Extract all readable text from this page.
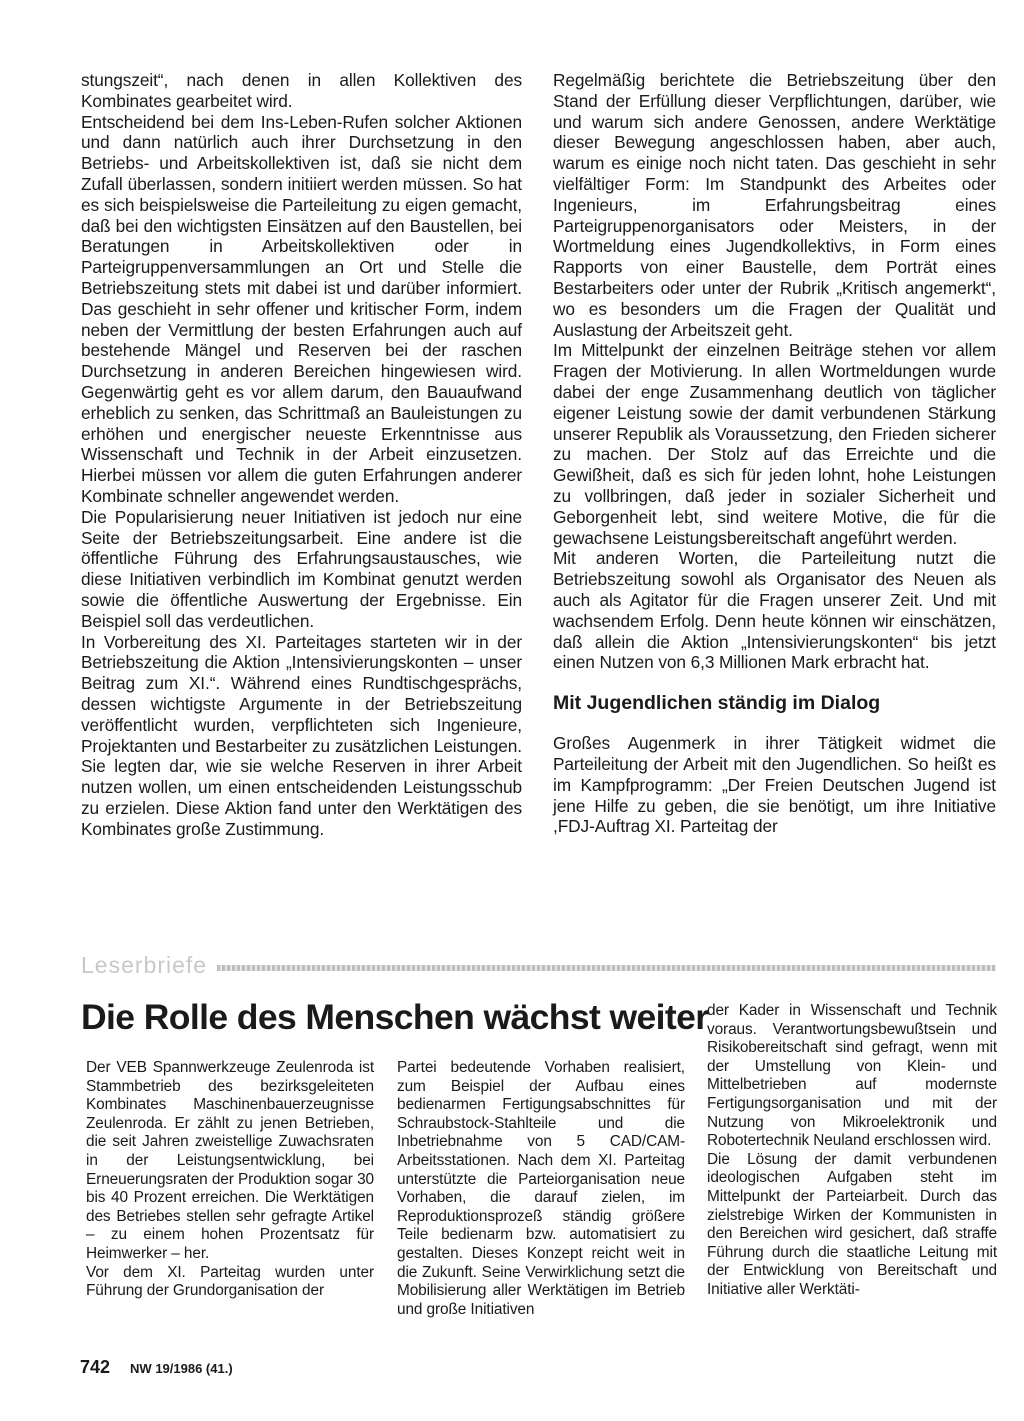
stungszeit“, nach denen in allen Kollektiven des Kombinates gearbeitet wird.

Entscheidend bei dem Ins-Leben-Rufen solcher Aktionen und dann natürlich auch ihrer Durchsetzung in den Betriebs- und Arbeitskollektiven ist, daß sie nicht dem Zufall überlassen, sondern initiiert werden müssen. So hat es sich beispielsweise die Parteileitung zu eigen gemacht, daß bei den wichtigsten Einsätzen auf den Baustellen, bei Beratungen in Arbeitskollektiven oder in Parteigruppenversammlungen an Ort und Stelle die Betriebszeitung stets mit dabei ist und darüber informiert. Das geschieht in sehr offener und kritischer Form, indem neben der Vermittlung der besten Erfahrungen auch auf bestehende Mängel und Reserven bei der raschen Durchsetzung in anderen Bereichen hingewiesen wird. Gegenwärtig geht es vor allem darum, den Bauaufwand erheblich zu senken, das Schrittmaß an Bauleistungen zu erhöhen und energischer neueste Erkenntnisse aus Wissenschaft und Technik in der Arbeit einzusetzen. Hierbei müssen vor allem die guten Erfahrungen anderer Kombinate schneller angewendet werden.

Die Popularisierung neuer Initiativen ist jedoch nur eine Seite der Betriebszeitungsarbeit. Eine andere ist die öffentliche Führung des Erfahrungsaustausches, wie diese Initiativen verbindlich im Kombinat genutzt werden sowie die öffentliche Auswertung der Ergebnisse. Ein Beispiel soll das verdeutlichen.

In Vorbereitung des XI. Parteitages starteten wir in der Betriebszeitung die Aktion „Intensivierungskonten – unser Beitrag zum XI.“. Während eines Rundtischgesprächs, dessen wichtigste Argumente in der Betriebszeitung veröffentlicht wurden, verpflichteten sich Ingenieure, Projektanten und Bestarbeiter zu zusätzlichen Leistungen. Sie legten dar, wie sie welche Reserven in ihrer Arbeit nutzen wollen, um einen entscheidenden Leistungsschub zu erzielen. Diese Aktion fand unter den Werktätigen des Kombinates große Zustimmung.

Regelmäßig berichtete die Betriebszeitung über den Stand der Erfüllung dieser Verpflichtungen, darüber, wie und warum sich andere Genossen, andere Werktätige dieser Bewegung angeschlossen haben, aber auch, warum es einige noch nicht taten. Das geschieht in sehr vielfältiger Form: Im Standpunkt des Arbeites oder Ingenieurs, im Erfahrungsbeitrag eines Parteigruppenorganisators oder Meisters, in der Wortmeldung eines Jugendkollektivs, in Form eines Rapports von einer Baustelle, dem Porträt eines Bestarbeiters oder unter der Rubrik „Kritisch angemerkt“, wo es besonders um die Fragen der Qualität und Auslastung der Arbeitszeit geht.

Im Mittelpunkt der einzelnen Beiträge stehen vor allem Fragen der Motivierung. In allen Wortmeldungen wurde dabei der enge Zusammenhang deutlich von täglicher eigener Leistung sowie der damit verbundenen Stärkung unserer Republik als Voraussetzung, den Frieden sicherer zu machen. Der Stolz auf das Erreichte und die Gewißheit, daß es sich für jeden lohnt, hohe Leistungen zu vollbringen, daß jeder in sozialer Sicherheit und Geborgenheit lebt, sind weitere Motive, die für die gewachsene Leistungsbereitschaft angeführt werden.

Mit anderen Worten, die Parteileitung nutzt die Betriebszeitung sowohl als Organisator des Neuen als auch als Agitator für die Fragen unserer Zeit. Und mit wachsendem Erfolg. Denn heute können wir einschätzen, daß allein die Aktion „Intensivierungskonten“ bis jetzt einen Nutzen von 6,3 Millionen Mark erbracht hat.

Mit Jugendlichen ständig im Dialog

Großes Augenmerk in ihrer Tätigkeit widmet die Parteileitung der Arbeit mit den Jugendlichen. So heißt es im Kampfprogramm: „Der Freien Deutschen Jugend ist jene Hilfe zu geben, die sie benötigt, um ihre Initiative ,FDJ-Auftrag XI. Parteitag der

Leserbriefe
Die Rolle des Menschen wächst weiter

Der VEB Spannwerkzeuge Zeulenroda ist Stammbetrieb des bezirksgeleiteten Kombinates Maschinenbauerzeugnisse Zeulenroda. Er zählt zu jenen Betrieben, die seit Jahren zweistellige Zuwachsraten in der Leistungsentwicklung, bei Erneuerungsraten der Produktion sogar 30 bis 40 Prozent erreichen. Die Werktätigen des Betriebes stellen sehr gefragte Artikel – zu einem hohen Prozentsatz für Heimwerker – her.

Vor dem XI. Parteitag wurden unter Führung der Grundorganisation der

Partei bedeutende Vorhaben realisiert, zum Beispiel der Aufbau eines bedienarmen Fertigungsabschnittes für Schraubstock-Stahlteile und die Inbetriebnahme von 5 CAD/CAM-Arbeitsstationen. Nach dem XI. Parteitag unterstützte die Parteiorganisation neue Vorhaben, die darauf zielen, im Reproduktionsprozeß ständig größere Teile bedienarm bzw. automatisiert zu gestalten. Dieses Konzept reicht weit in die Zukunft. Seine Verwirklichung setzt die Mobilisierung aller Werktätigen im Betrieb und große Initiativen

der Kader in Wissenschaft und Technik voraus. Verantwortungsbewußtsein und Risikobereitschaft sind gefragt, wenn mit der Umstellung von Klein- und Mittelbetrieben auf modernste Fertigungsorganisation und mit der Nutzung von Mikroelektronik und Robotertechnik Neuland erschlossen wird.

Die Lösung der damit verbundenen ideologischen Aufgaben steht im Mittelpunkt der Parteiarbeit. Durch das zielstrebige Wirken der Kommunisten in den Bereichen wird gesichert, daß straffe Führung durch die staatliche Leitung mit der Entwicklung von Bereitschaft und Initiative aller Werktäti-

742 NW 19/1986 (41.)
